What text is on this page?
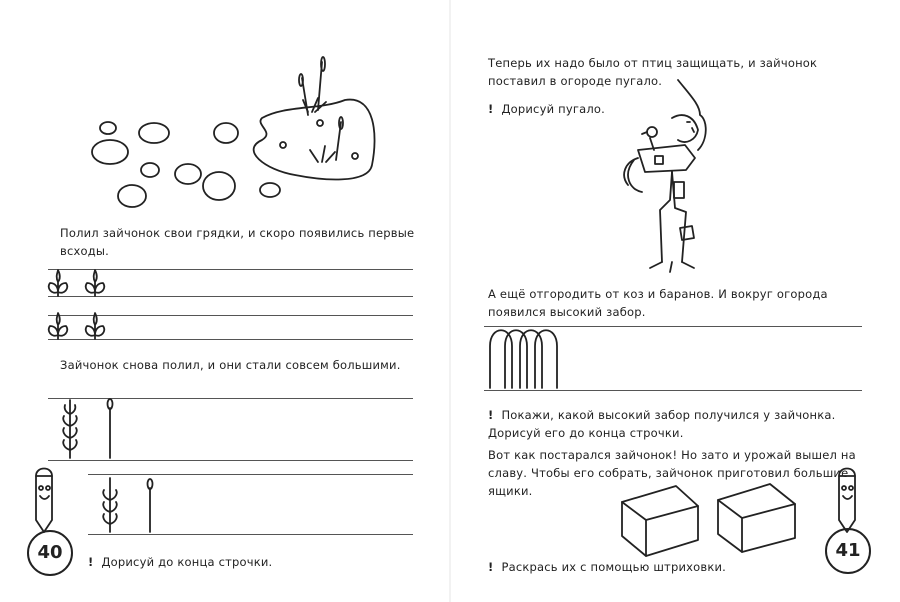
Полил зайчонок свои грядки, и скоро появились первые всходы.
Зайчонок снова полил, и они стали совсем большими.
40	! Дорисуй до конца строчки.
Теперь их надо было от птиц защищать, и зайчонок поставил в огороде пугало.
! Дорисуй пугало.
А ещё отгородить от коз и баранов. И вокруг огорода появился высокий забор.
! Покажи, какой высокий забор получился у зайчонка. Дорисуй его до конца строчки.
Вот как постарался зайчонок! Но зато и урожай вышел на славу. Чтобы его собрать, зайчонок приготовил большие ящики.
41
! Раскрась их с помощью штриховки.
